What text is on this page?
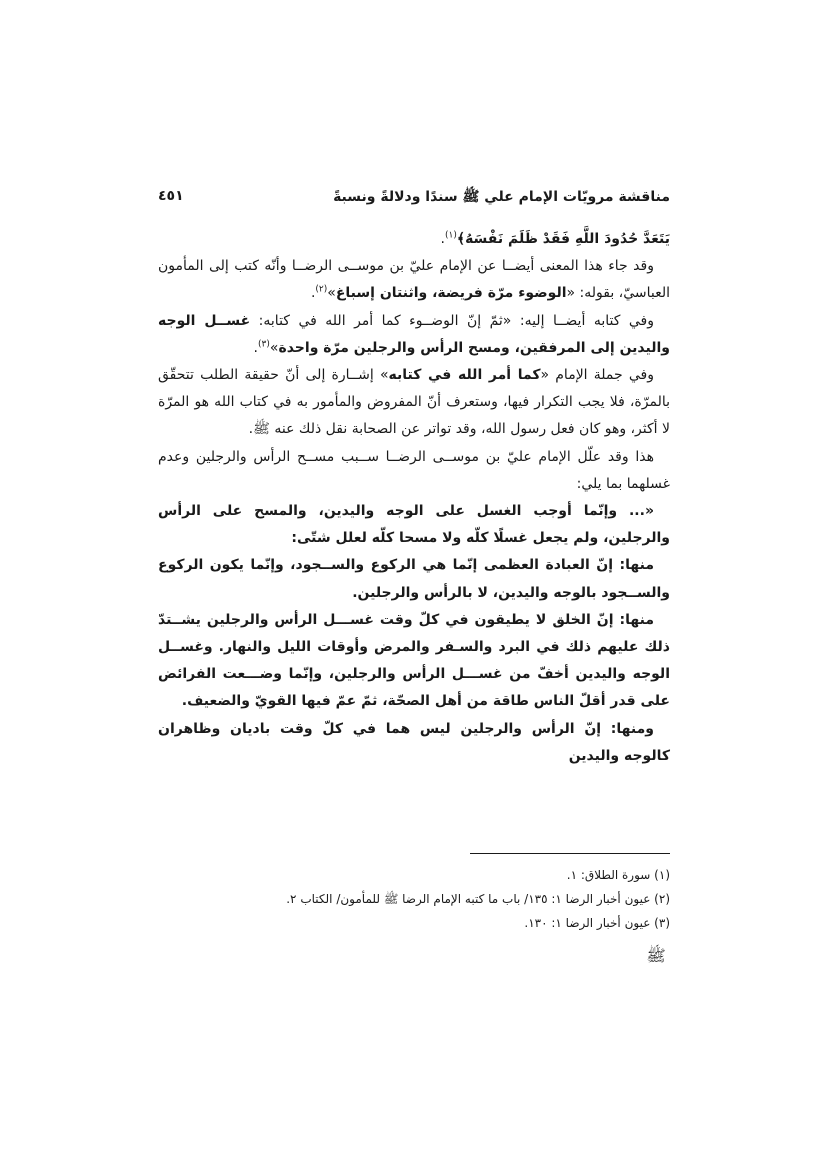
مناقشة مرويّات الإمام علي ﷺ سندًا ودلالةً ونسبةً
٤٥١

يَتَعَدَّ حُدُودَ اللَّهِ فَقَدْ ظَلَمَ نَفْسَهُ﴾$^{(١)}$.

وقد جاء هذا المعنى أيضــا عن الإمام عليّ بن موســى الرضــا وأنّه كتب إلى المأمون العباسيّ، بقوله: «الوضوء مرّة فريضة، واثنتان إسباغ»$^{(٢)}$.

وفي كتابه أيضــا إليه: «ثمّ إنّ الوضــوء كما أمر الله في كتابه: غســل الوجه واليدين إلى المرفقين، ومسح الرأس والرجلين مرّة واحدة»$^{(٣)}$.

وفي جملة الإمام «كما أمر الله في كتابه» إشــارة إلى أنّ حقيقة الطلب تتحقّق بالمرّة، فلا يجب التكرار فيها، وستعرف أنّ المفروض والمأمور به في كتاب الله هو المرّة لا أكثر، وهو كان فعل رسول الله، وقد تواتر عن الصحابة نقل ذلك عنه ﷺ.

هذا وقد علّل الإمام عليّ بن موســى الرضــا ســبب مســح الرأس والرجلين وعدم غسلهما بما يلي:

«... وإنّما أوجب الغسل على الوجه واليدين، والمسح على الرأس والرجلين، ولم يجعل غسلًا كلّه ولا مسحا كلّه لعلل شتّى:

منها: إنّ العبادة العظمى إنّما هي الركوع والســجود، وإنّما يكون الركوع والســجود بالوجه واليدين، لا بالرأس والرجلين.

منها: إنّ الخلق لا يطيقون في كلّ وقت غســـل الرأس والرجلين يشــتدّ ذلك عليهم ذلك في البرد والسـفر والمرض وأوقات الليل والنهار. وغســل الوجه واليدين أخفّ من غســـل الرأس والرجلين، وإنّما وضـــعت الفرائض على قدر أقلّ الناس طاقة من أهل الصحّة، ثمّ عمّ فيها القويّ والضعيف.

ومنها: إنّ الرأس والرجلين ليس هما في كلّ وقت باديان وظاهران كالوجه واليدين

(١) سورة الطلاق: ١.
(٢) عيون أخبار الرضا ١: ١٣٥/ باب ما كتبه الإمام الرضا ﷺ للمأمون/ الكتاب ٢.
(٣) عيون أخبار الرضا ١: ١٣٠.
ﷺ
